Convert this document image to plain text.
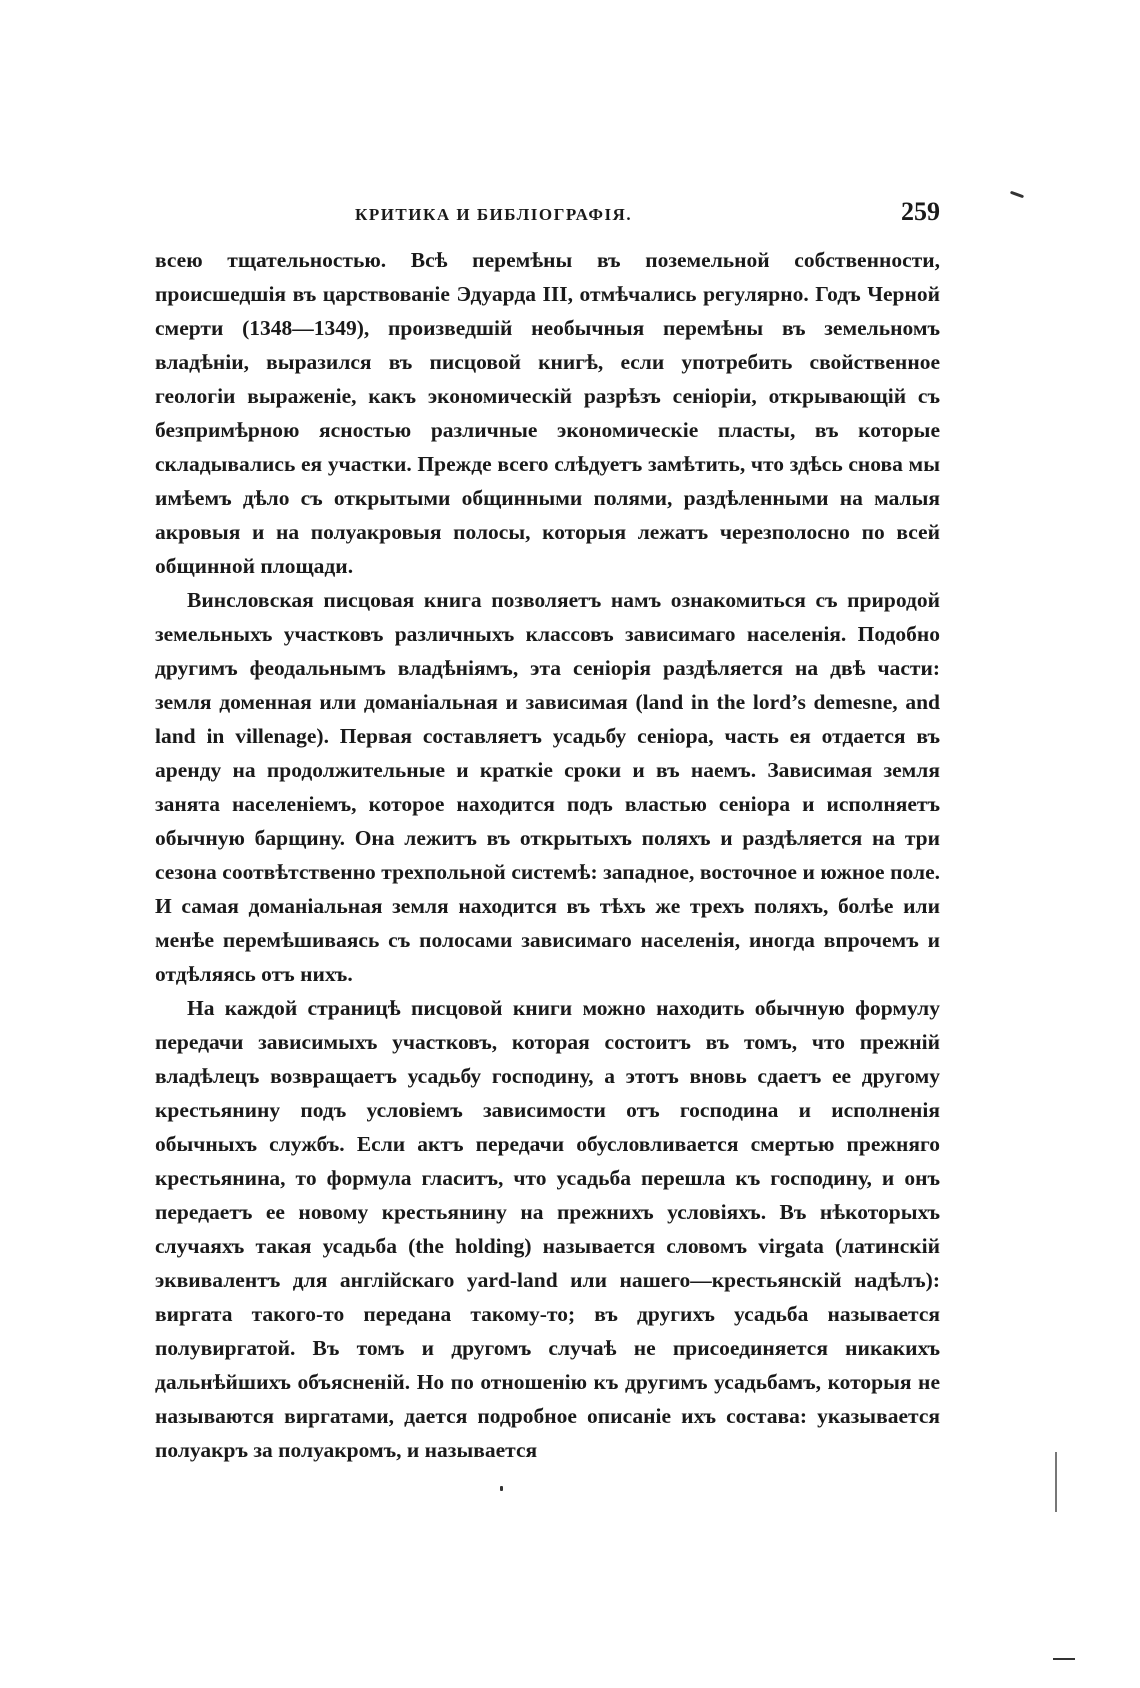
КРИТИКА И БИБЛІОГРАФІЯ.	259

всею тщательностью. Всѣ перемѣны въ поземельной собственности, происшедшія въ царствованіе Эдуарда III, отмѣчались регулярно. Годъ Черной смерти (1348—1349), произведшій необычныя перемѣны въ земельномъ владѣніи, выразился въ писцовой книгѣ, если употребить свойственное геологіи выраженіе, какъ экономическій разрѣзъ сеніоріи, открывающій съ безпримѣрною ясностью различные экономическіе пласты, въ которые складывались ея участки. Прежде всего слѣдуетъ замѣтить, что здѣсь снова мы имѣемъ дѣло съ открытыми общинными полями, раздѣленными на малыя акровыя и на полуакровыя полосы, которыя лежатъ черезполосно по всей общинной площади.

Винсловская писцовая книга позволяетъ намъ ознакомиться съ природой земельныхъ участковъ различныхъ классовъ зависимаго населенія. Подобно другимъ феодальнымъ владѣніямъ, эта сеніорія раздѣляется на двѣ части: земля доменная или доманіальная и зависимая (land in the lord’s demesne, and land in villenage). Первая составляетъ усадьбу сеніора, часть ея отдается въ аренду на продолжительные и краткіе сроки и въ наемъ. Зависимая земля занята населеніемъ, которое находится подъ властью сеніора и исполняетъ обычную барщину. Она лежитъ въ открытыхъ поляхъ и раздѣляется на три сезона соотвѣтственно трехпольной системѣ: западное, восточное и южное поле. И самая доманіальная земля находится въ тѣхъ же трехъ поляхъ, болѣе или менѣе перемѣшиваясь съ полосами зависимаго населенія, иногда впрочемъ и отдѣляясь отъ нихъ.

На каждой страницѣ писцовой книги можно находить обычную формулу передачи зависимыхъ участковъ, которая состоитъ въ томъ, что прежній владѣлецъ возвращаетъ усадьбу господину, а этотъ вновь сдаетъ ее другому крестьянину подъ условіемъ зависимости отъ господина и исполненія обычныхъ службъ. Если актъ передачи обусловливается смертью прежняго крестьянина, то формула гласитъ, что усадьба перешла къ господину, и онъ передаетъ ее новому крестьянину на прежнихъ условіяхъ. Въ нѣкоторыхъ случаяхъ такая усадьба (the holding) называется словомъ virgata (латинскій эквивалентъ для англійскаго yard-land или нашего—крестьянскій надѣлъ): виргата такого-то передана такому-то; въ другихъ усадьба называется полувиргатой. Въ томъ и другомъ случаѣ не присоединяется никакихъ дальнѣйшихъ объясненій. Но по отношенію къ другимъ усадьбамъ, которыя не называются виргатами, дается подробное описаніе ихъ состава: указывается полуакръ за полуакромъ, и называется
